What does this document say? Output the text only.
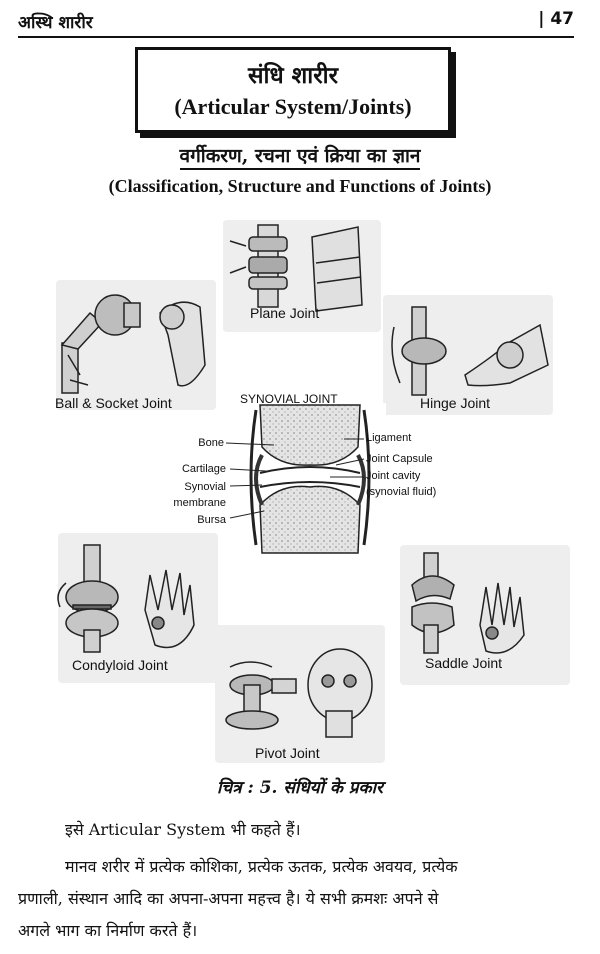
अस्थि शारीर	| 47
संधि शारीर
(Articular System/Joints)
वर्गीकरण, रचना एवं क्रिया का ज्ञान
(Classification, Structure and Functions of Joints)
Plane Joint
Ball & Socket Joint	Hinge Joint
Condyloid Joint	Saddle Joint
Pivot Joint
SYNOVIAL JOINT
Bone
Cartilage
Synovial
membrane
Bursa
Ligament
Joint Capsule
Joint cavity
(synovial fluid)
चित्र : 5. संधियों के प्रकार
इसे Articular System भी कहते हैं।
मानव शरीर में प्रत्येक कोशिका, प्रत्येक ऊतक, प्रत्येक अवयव, प्रत्येक
प्रणाली, संस्थान आदि का अपना-अपना महत्त्व है। ये सभी क्रमशः अपने से
अगले भाग का निर्माण करते हैं।
